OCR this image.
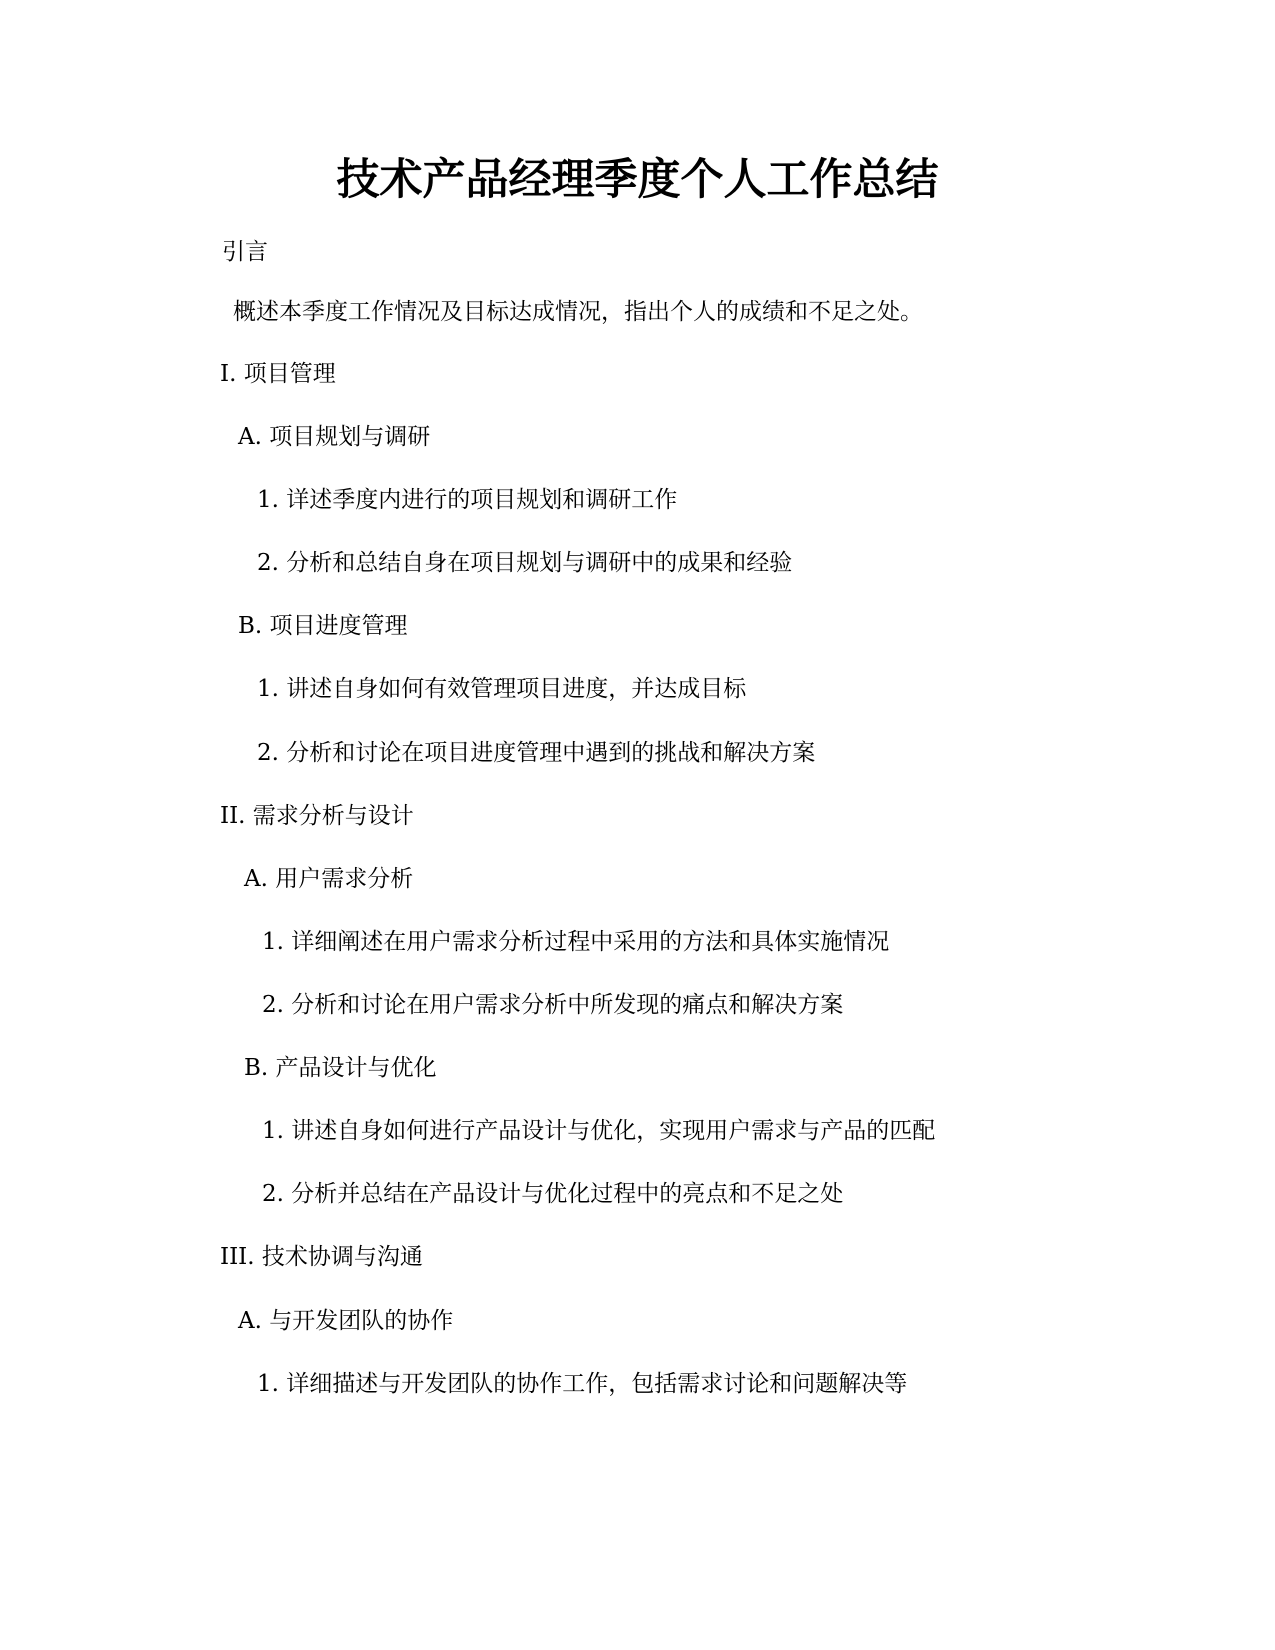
技术产品经理季度个人工作总结
引言
概述本季度工作情况及目标达成情况，指出个人的成绩和不足之处。
I. 项目管理
A. 项目规划与调研
1. 详述季度内进行的项目规划和调研工作
2. 分析和总结自身在项目规划与调研中的成果和经验
B. 项目进度管理
1. 讲述自身如何有效管理项目进度，并达成目标
2. 分析和讨论在项目进度管理中遇到的挑战和解决方案
II. 需求分析与设计
A. 用户需求分析
1. 详细阐述在用户需求分析过程中采用的方法和具体实施情况
2. 分析和讨论在用户需求分析中所发现的痛点和解决方案
B. 产品设计与优化
1. 讲述自身如何进行产品设计与优化，实现用户需求与产品的匹配
2. 分析并总结在产品设计与优化过程中的亮点和不足之处
III. 技术协调与沟通
A. 与开发团队的协作
1. 详细描述与开发团队的协作工作，包括需求讨论和问题解决等
